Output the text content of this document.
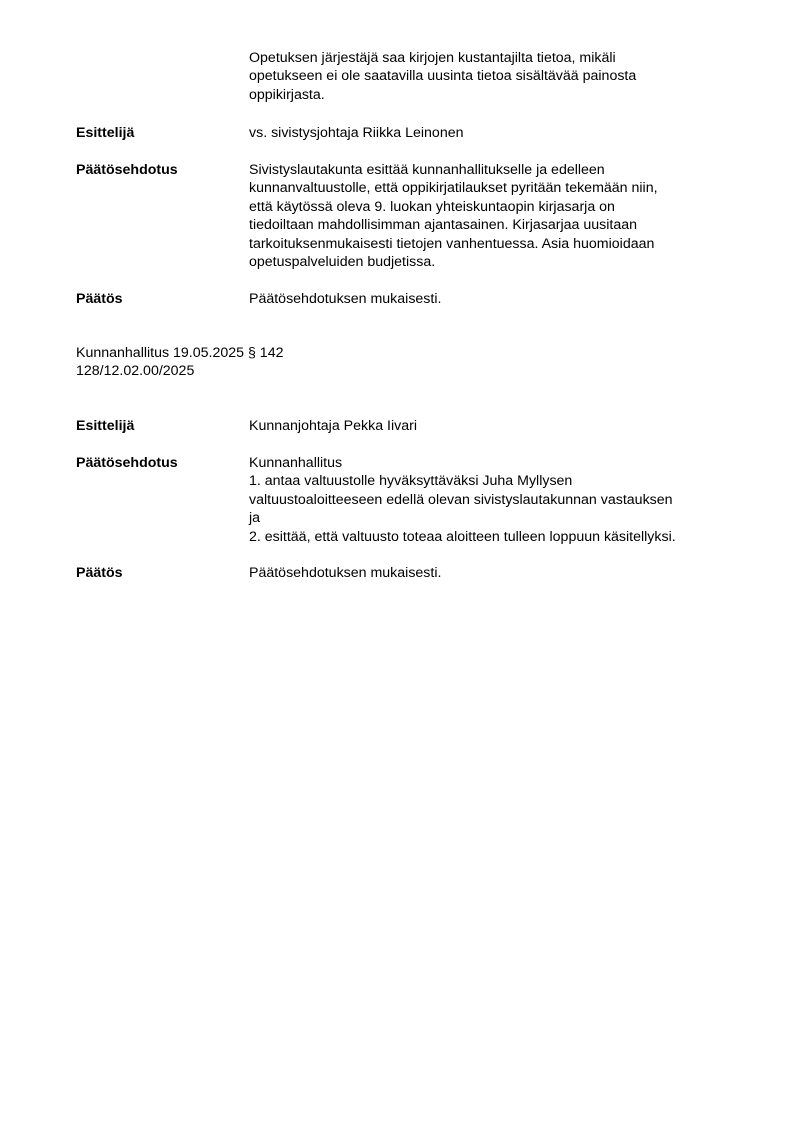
Opetuksen järjestäjä saa kirjojen kustantajilta tietoa, mikäli
opetukseen ei ole saatavilla uusinta tietoa sisältävää painosta
oppikirjasta.
Esittelijä	vs. sivistysjohtaja Riikka Leinonen
Päätösehdotus	Sivistyslautakunta esittää kunnanhallitukselle ja edelleen
kunnanvaltuustolle, että oppikirjatilaukset pyritään tekemään niin,
että käytössä oleva 9. luokan yhteiskuntaopin kirjasarja on
tiedoiltaan mahdollisimman ajantasainen. Kirjasarjaa uusitaan
tarkoituksenmukaisesti tietojen vanhentuessa. Asia huomioidaan
opetuspalveluiden budjetissa.
Päätös	Päätösehdotuksen mukaisesti.
Kunnanhallitus 19.05.2025 § 142
128/12.02.00/2025
Esittelijä	Kunnanjohtaja Pekka Iivari
Päätösehdotus	Kunnanhallitus
1. antaa valtuustolle hyväksyttäväksi Juha Myllysen
valtuustoaloitteeseen edellä olevan sivistyslautakunnan vastauksen
ja
2. esittää, että valtuusto toteaa aloitteen tulleen loppuun käsitellyksi.
Päätös	Päätösehdotuksen mukaisesti.
